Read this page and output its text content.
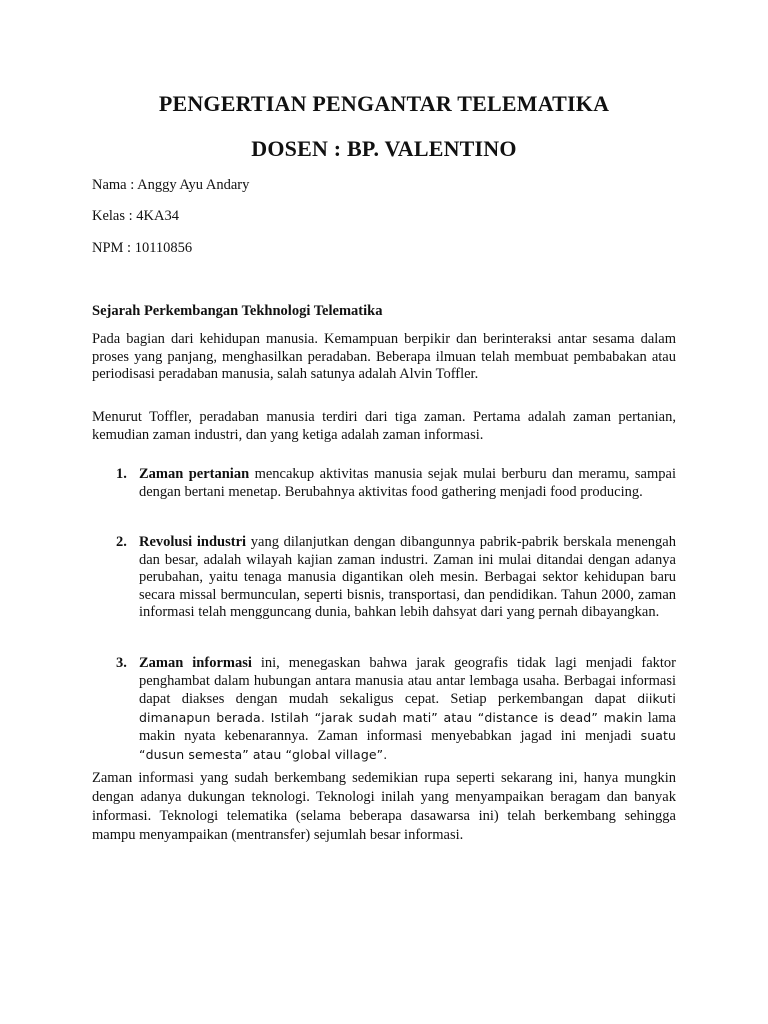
PENGERTIAN PENGANTAR TELEMATIKA
DOSEN : BP. VALENTINO

Nama : Anggy Ayu Andary

Kelas : 4KA34

NPM : 10110856

Sejarah Perkembangan Tekhnologi Telematika

Pada bagian dari kehidupan manusia. Kemampuan berpikir dan berinteraksi antar sesama dalam proses yang panjang, menghasilkan peradaban. Beberapa ilmuan telah membuat pembabakan atau periodisasi peradaban manusia, salah satunya adalah Alvin Toffler.

Menurut Toffler, peradaban manusia terdiri dari tiga zaman. Pertama adalah zaman pertanian, kemudian zaman industri, dan yang ketiga adalah zaman informasi.

1. Zaman pertanian mencakup aktivitas manusia sejak mulai berburu dan meramu, sampai dengan bertani menetap. Berubahnya aktivitas food gathering menjadi food producing.
2. Revolusi industri yang dilanjutkan dengan dibangunnya pabrik-pabrik berskala menengah dan besar, adalah wilayah kajian zaman industri. Zaman ini mulai ditandai dengan adanya perubahan, yaitu tenaga manusia digantikan oleh mesin. Berbagai sektor kehidupan baru secara missal bermunculan, seperti bisnis, transportasi, dan pendidikan. Tahun 2000, zaman informasi telah mengguncang dunia, bahkan lebih dahsyat dari yang pernah dibayangkan.
3. Zaman informasi ini, menegaskan bahwa jarak geografis tidak lagi menjadi faktor penghambat dalam hubungan antara manusia atau antar lembaga usaha. Berbagai informasi dapat diakses dengan mudah sekaligus cepat. Setiap perkembangan dapat diikuti dimanapun berada. Istilah “jarak sudah mati” atau “distance is dead” makin lama makin nyata kebenarannya. Zaman informasi menyebabkan jagad ini menjadi suatu “dusun semesta” atau “global village”.

Zaman informasi yang sudah berkembang sedemikian rupa seperti sekarang ini, hanya mungkin dengan adanya dukungan teknologi. Teknologi inilah yang menyampaikan beragam dan banyak informasi. Teknologi telematika (selama beberapa dasawarsa ini) telah berkembang sehingga mampu menyampaikan (mentransfer) sejumlah besar informasi.
